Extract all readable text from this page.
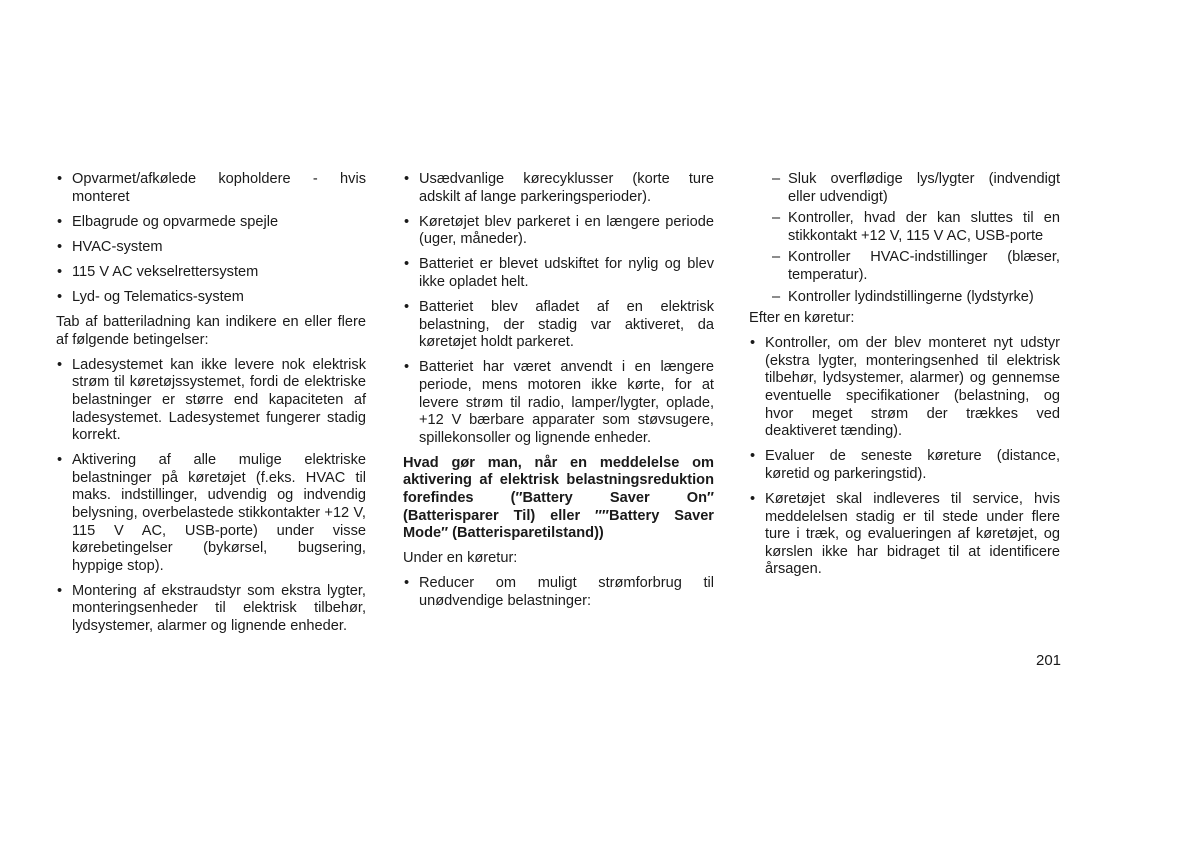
• Opvarmet/afkølede kopholdere - hvis monteret
• Elbagrude og opvarmede spejle
• HVAC-system
• 115 V AC vekselrettersystem
• Lyd- og Telematics-system

Tab af batteriladning kan indikere en eller flere af følgende betingelser:

• Ladesystemet kan ikke levere nok elektrisk strøm til køretøjssystemet, fordi de elektriske belastninger er større end kapaciteten af ladesystemet. Ladesystemet fungerer stadig korrekt.
• Aktivering af alle mulige elektriske belastninger på køretøjet (f.eks. HVAC til maks. indstillinger, udvendig og indvendig belysning, overbelastede stikkontakter +12 V, 115 V AC, USB-porte) under visse kørebetingelser (bykørsel, bugsering, hyppige stop).
• Montering af ekstraudstyr som ekstra lygter, monteringsenheder til elektrisk tilbehør, lydsystemer, alarmer og lignende enheder.
• Usædvanlige kørecyklusser (korte ture adskilt af lange parkeringsperioder).
• Køretøjet blev parkeret i en længere periode (uger, måneder).
• Batteriet er blevet udskiftet for nylig og blev ikke opladet helt.
• Batteriet blev afladet af en elektrisk belastning, der stadig var aktiveret, da køretøjet holdt parkeret.
• Batteriet har været anvendt i en længere periode, mens motoren ikke kørte, for at levere strøm til radio, lamper/lygter, oplade, +12 V bærbare apparater som støvsugere, spillekonsoller og lignende enheder.

Hvad gør man, når en meddelelse om aktivering af elektrisk belastningsreduktion forefindes (″Battery Saver On″ (Batterisparer Til) eller ″″Battery Saver Mode″ (Batterisparetilstand))

Under en køretur:

• Reducer om muligt strømforbrug til unødvendige belastninger:
– Sluk overflødige lys/lygter (indvendigt eller udvendigt)
– Kontroller, hvad der kan sluttes til en stikkontakt +12 V, 115 V AC, USB-porte
– Kontroller HVAC-indstillinger (blæser, temperatur).
– Kontroller lydindstillingerne (lydstyrke)

Efter en køretur:

• Kontroller, om der blev monteret nyt udstyr (ekstra lygter, monteringsenhed til elektrisk tilbehør, lydsystemer, alarmer) og gennemse eventuelle specifikationer (belastning, og hvor meget strøm der trækkes ved deaktiveret tænding).
• Evaluer de seneste køreture (distance, køretid og parkeringstid).
• Køretøjet skal indleveres til service, hvis meddelelsen stadig er til stede under flere ture i træk, og evalueringen af køretøjet, og kørslen ikke har bidraget til at identificere årsagen.
201
